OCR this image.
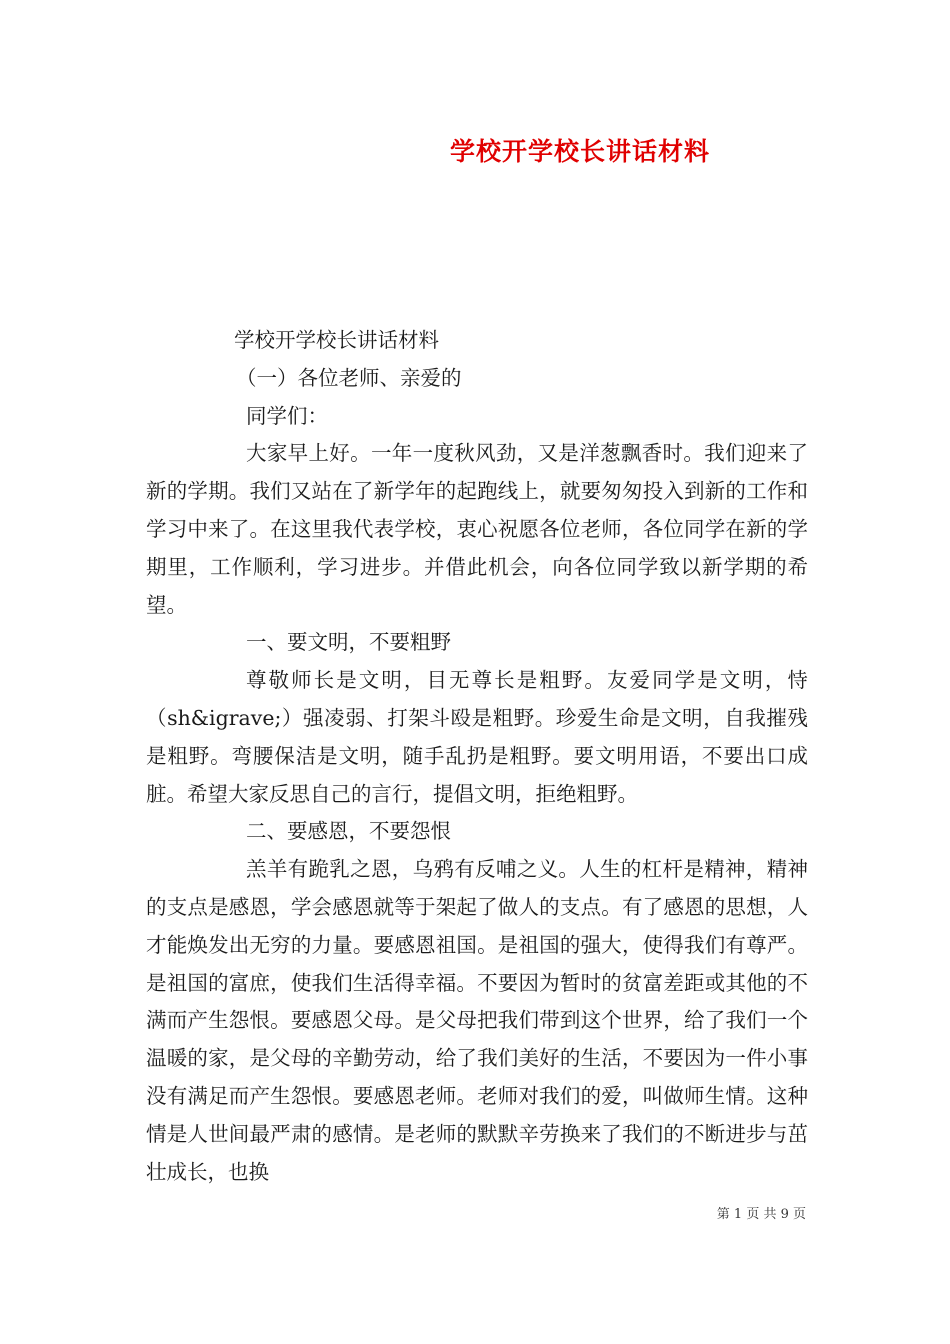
学校开学校长讲话材料

学校开学校长讲话材料

（一）各位老师、亲爱的

同学们：

大家早上好。一年一度秋风劲，又是洋葱飘香时。我们迎来了新的学期。我们又站在了新学年的起跑线上，就要匆匆投入到新的工作和学习中来了。在这里我代表学校，衷心祝愿各位老师，各位同学在新的学期里，工作顺利，学习进步。并借此机会，向各位同学致以新学期的希望。

一、要文明，不要粗野

尊敬师长是文明，目无尊长是粗野。友爱同学是文明，恃（sh&igrave;）强凌弱、打架斗殴是粗野。珍爱生命是文明，自我摧残是粗野。弯腰保洁是文明，随手乱扔是粗野。要文明用语，不要出口成脏。希望大家反思自己的言行，提倡文明，拒绝粗野。

二、要感恩，不要怨恨

羔羊有跪乳之恩，乌鸦有反哺之义。人生的杠杆是精神，精神的支点是感恩，学会感恩就等于架起了做人的支点。有了感恩的思想，人才能焕发出无穷的力量。要感恩祖国。是祖国的强大，使得我们有尊严。是祖国的富庶，使我们生活得幸福。不要因为暂时的贫富差距或其他的不满而产生怨恨。要感恩父母。是父母把我们带到这个世界，给了我们一个温暖的家，是父母的辛勤劳动，给了我们美好的生活，不要因为一件小事没有满足而产生怨恨。要感恩老师。老师对我们的爱，叫做师生情。这种情是人世间最严肃的感情。是老师的默默辛劳换来了我们的不断进步与茁壮成长，也换

第 1 页 共 9 页
